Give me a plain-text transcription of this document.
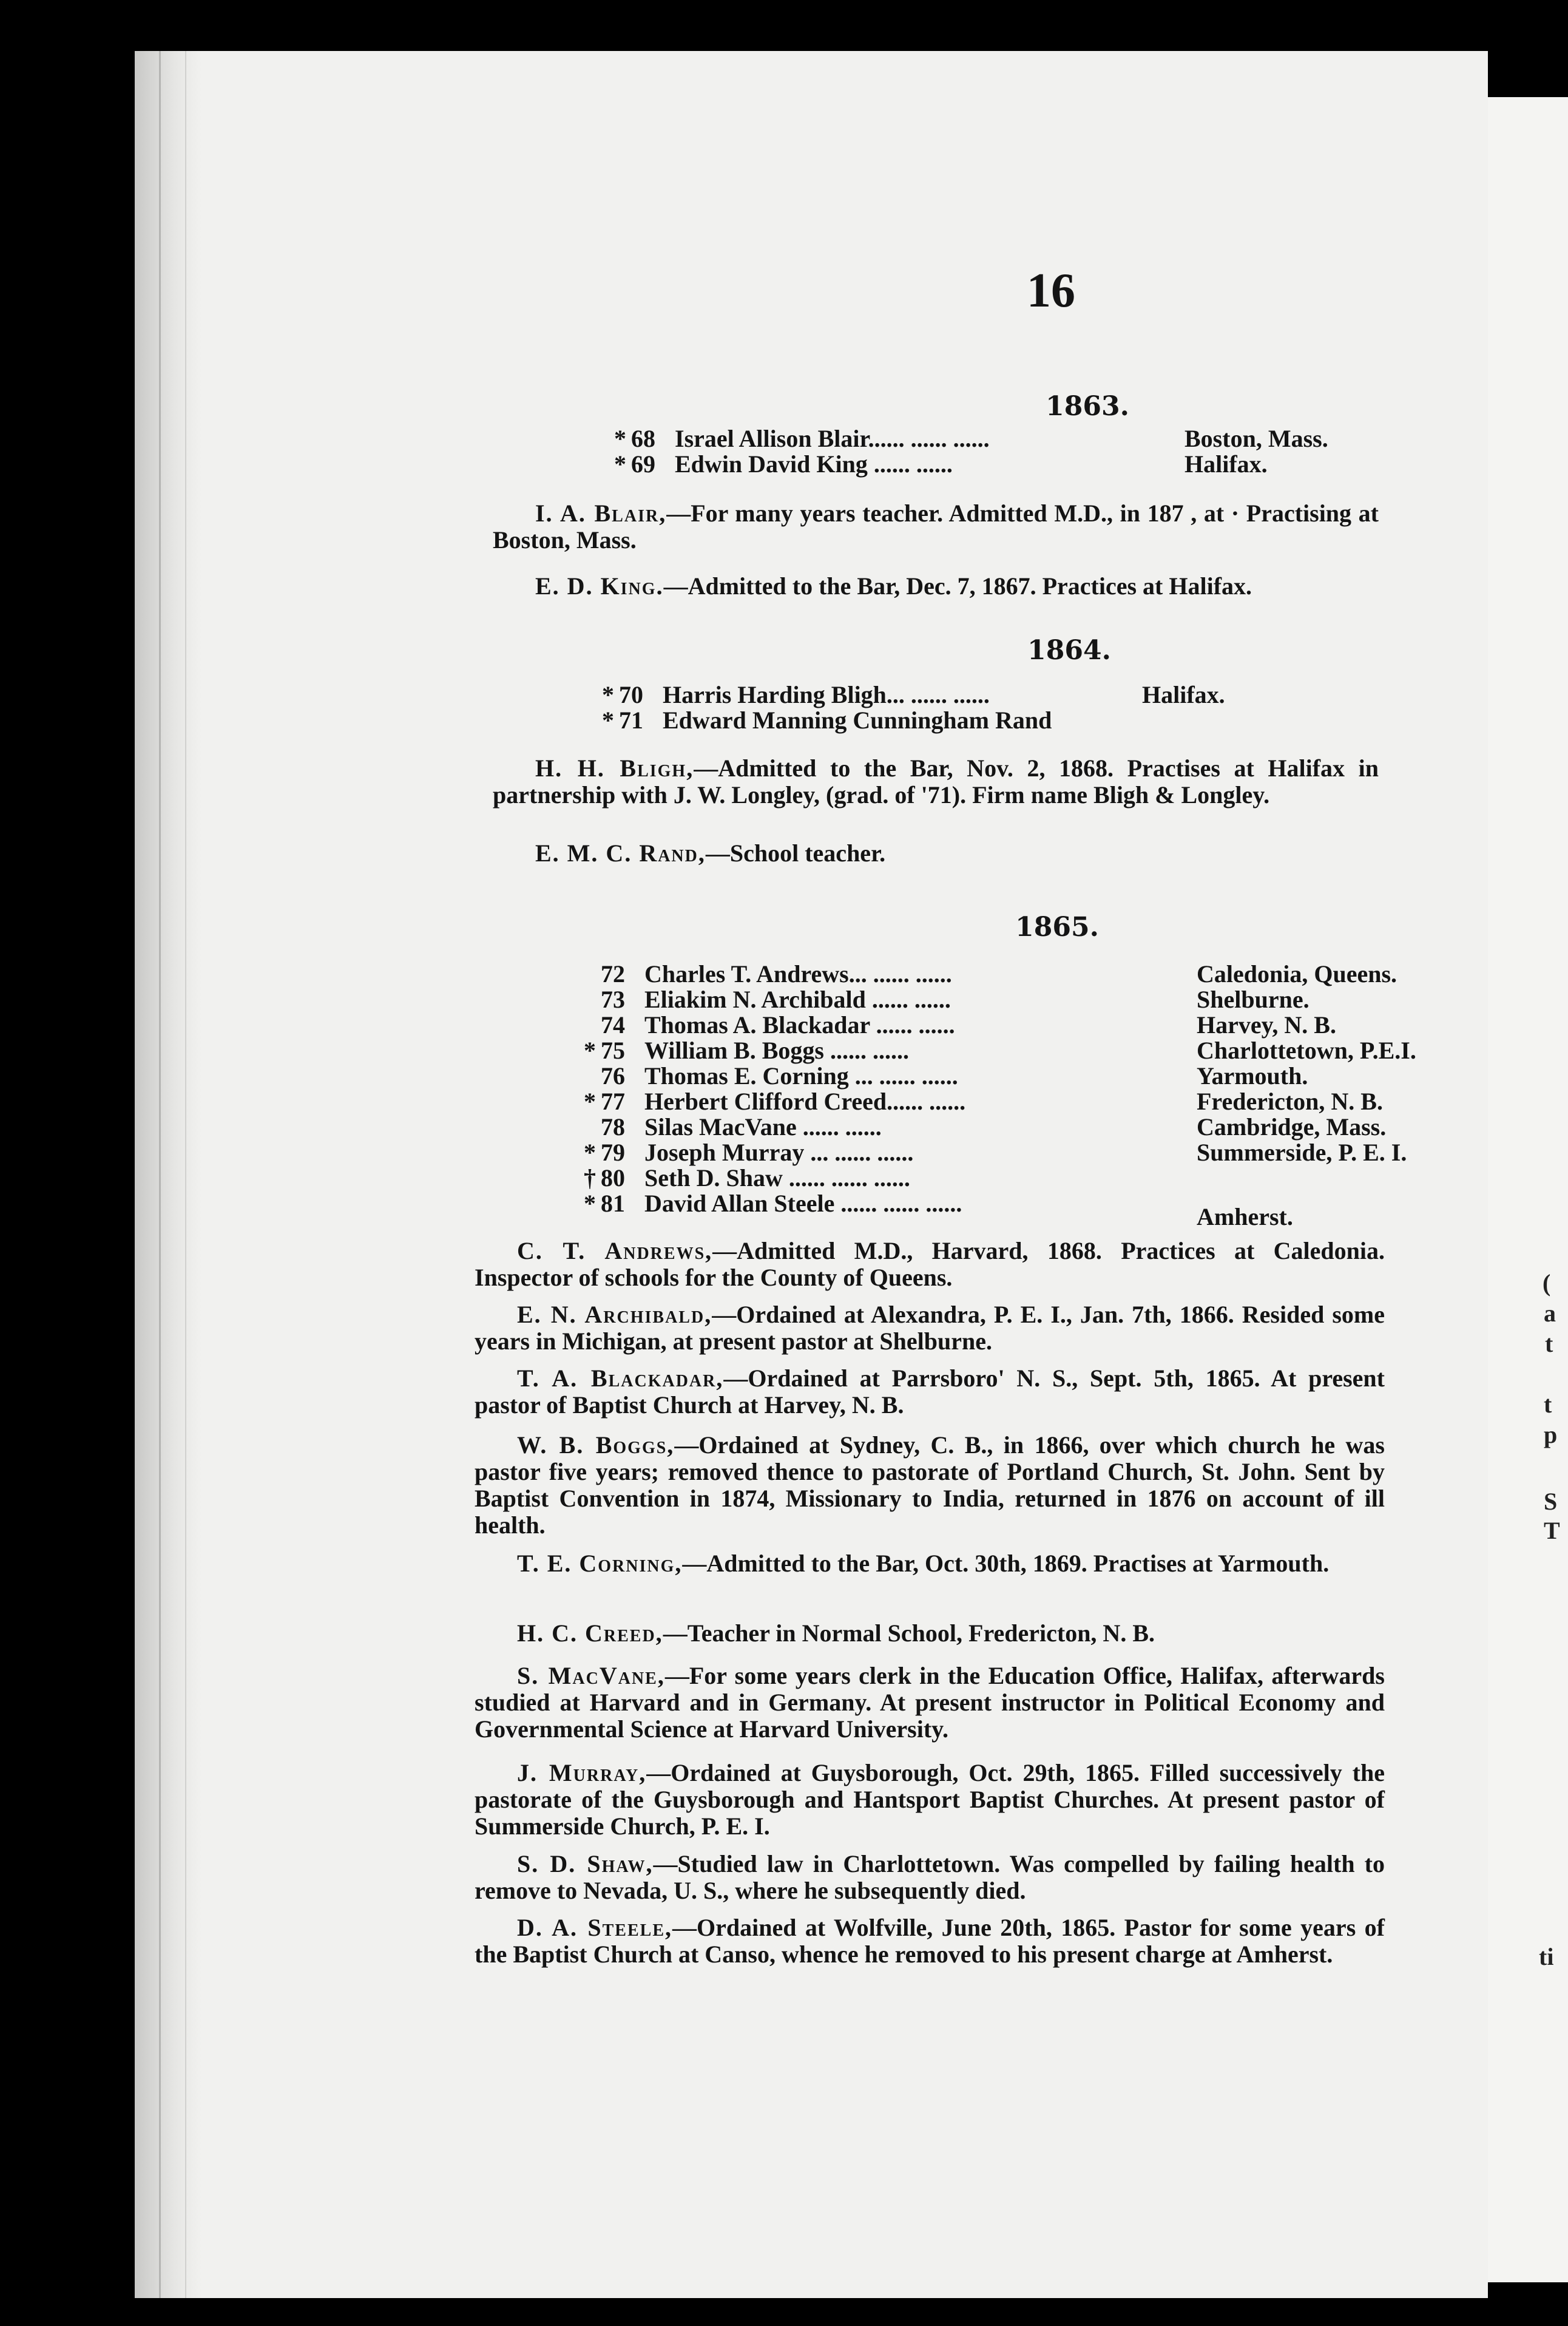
16
1863.
* 68 Israel Allison Blair...... ...... ......	Boston, Mass.
* 69 Edwin David King ...... ......	Halifax.
I. A. Blair,—For many years teacher. Admitted M.D., in 187 , at · Practising at Boston, Mass.
E. D. King.—Admitted to the Bar, Dec. 7, 1867. Practices at Halifax.
1864.
* 70 Harris Harding Bligh... ...... ......	Halifax.
* 71 Edward Manning Cunningham Rand
H. H. Bligh,—Admitted to the Bar, Nov. 2, 1868. Practises at Halifax in partnership with J. W. Longley, (grad. of '71). Firm name Bligh & Longley.
E. M. C. Rand,—School teacher.
1865.
72 Charles T. Andrews... ...... ......	Caledonia, Queens.
73 Eliakim N. Archibald ...... ......	Shelburne.
74 Thomas A. Blackadar ...... ......	Harvey, N. B.
* 75 William B. Boggs ...... ......	Charlottetown, P.E.I.
76 Thomas E. Corning ... ...... ......	Yarmouth.
* 77 Herbert Clifford Creed...... ......	Fredericton, N. B.
78 Silas MacVane ...... ......	Cambridge, Mass.
* 79 Joseph Murray ... ...... ......	Summerside, P. E. I.
† 80 Seth D. Shaw ...... ...... ......
* 81 David Allan Steele ...... ...... ......	Amherst.
C. T. Andrews,—Admitted M.D., Harvard, 1868. Practices at Caledonia. Inspector of schools for the County of Queens.
E. N. Archibald,—Ordained at Alexandra, P. E. I., Jan. 7th, 1866. Resided some years in Michigan, at present pastor at Shelburne.
T. A. Blackadar,—Ordained at Parrsboro' N. S., Sept. 5th, 1865. At present pastor of Baptist Church at Harvey, N. B.
W. B. Boggs,—Ordained at Sydney, C. B., in 1866, over which church he was pastor five years; removed thence to pastorate of Portland Church, St. John. Sent by Baptist Convention in 1874, Missionary to India, returned in 1876 on account of ill health.
T. E. Corning,—Admitted to the Bar, Oct. 30th, 1869. Practises at Yarmouth.
H. C. Creed,—Teacher in Normal School, Fredericton, N. B.
S. MacVane,—For some years clerk in the Education Office, Halifax, afterwards studied at Harvard and in Germany. At present instructor in Political Economy and Governmental Science at Harvard University.
J. Murray,—Ordained at Guysborough, Oct. 29th, 1865. Filled successively the pastorate of the Guysborough and Hantsport Baptist Churches. At present pastor of Summerside Church, P. E. I.
S. D. Shaw,—Studied law in Charlottetown. Was compelled by failing health to remove to Nevada, U. S., where he subsequently died.
D. A. Steele,—Ordained at Wolfville, June 20th, 1865. Pastor for some years of the Baptist Church at Canso, whence he removed to his present charge at Amherst.
(
a
t
t
p
S
T
ti
